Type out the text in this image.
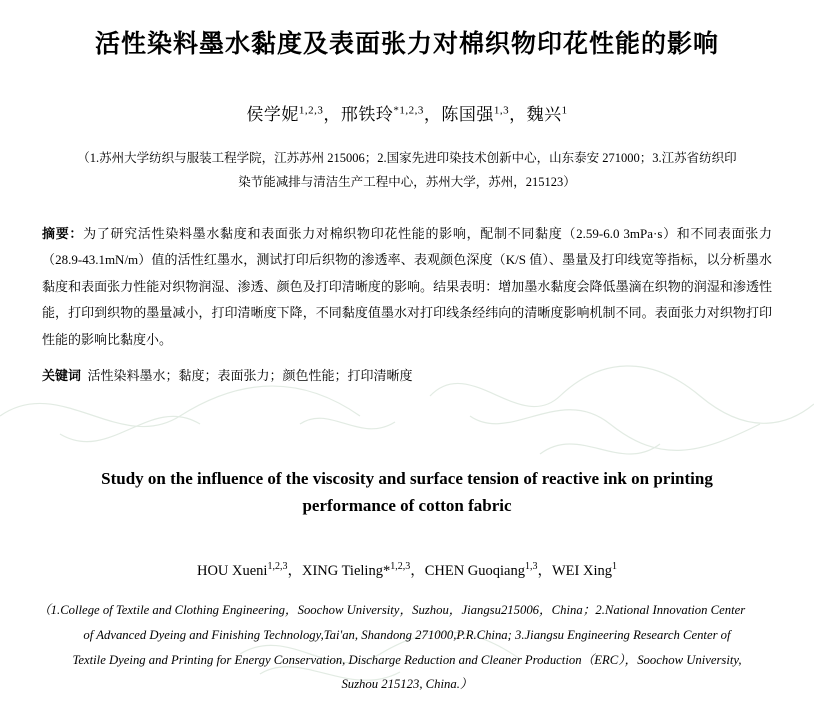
活性染料墨水黏度及表面张力对棉织物印花性能的影响
侯学妮$^{1,2,3}$，邢铁玲$^{*1,2,3}$，陈国强$^{1,3}$，魏兴$^1$
（1.苏州大学纺织与服装工程学院，江苏苏州 215006；2.国家先进印染技术创新中心，山东泰安 271000；3.江苏省纺织印
染节能减排与清洁生产工程中心，苏州大学，苏州，215123）
摘要：为了研究活性染料墨水黏度和表面张力对棉织物印花性能的影响，配制不同黏度（2.59-6.0 3mPa·s）和不同表面张力（28.9-43.1mN/m）值的活性红墨水，测试打印后织物的渗透率、表观颜色深度（K/S 值）、墨量及打印线宽等指标，以分析墨水黏度和表面张力性能对织物润湿、渗透、颜色及打印清晰度的影响。结果表明：增加墨水黏度会降低墨滴在织物的润湿和渗透性能，打印到织物的墨量减小，打印清晰度下降，不同黏度值墨水对打印线条经纬向的清晰度影响机制不同。表面张力对织物打印性能的影响比黏度小。
关键词 活性染料墨水；黏度；表面张力；颜色性能；打印清晰度
Study on the influence of the viscosity and surface tension of reactive ink on printing performance of cotton fabric
HOU Xueni$^{1,2,3}$，XING Tieling*$^{1,2,3}$，CHEN Guoqiang$^{1,3}$，WEI Xing$^1$
（1.College of Textile and Clothing Engineering，Soochow University，Suzhou，Jiangsu215006，China；2.National Innovation Center
of Advanced Dyeing and Finishing Technology,Tai'an, Shandong 271000,P.R.China; 3.Jiangsu Engineering Research Center of
Textile Dyeing and Printing for Energy Conservation, Discharge Reduction and Cleaner Production（ERC），Soochow University,
Suzhou 215123, China.）
